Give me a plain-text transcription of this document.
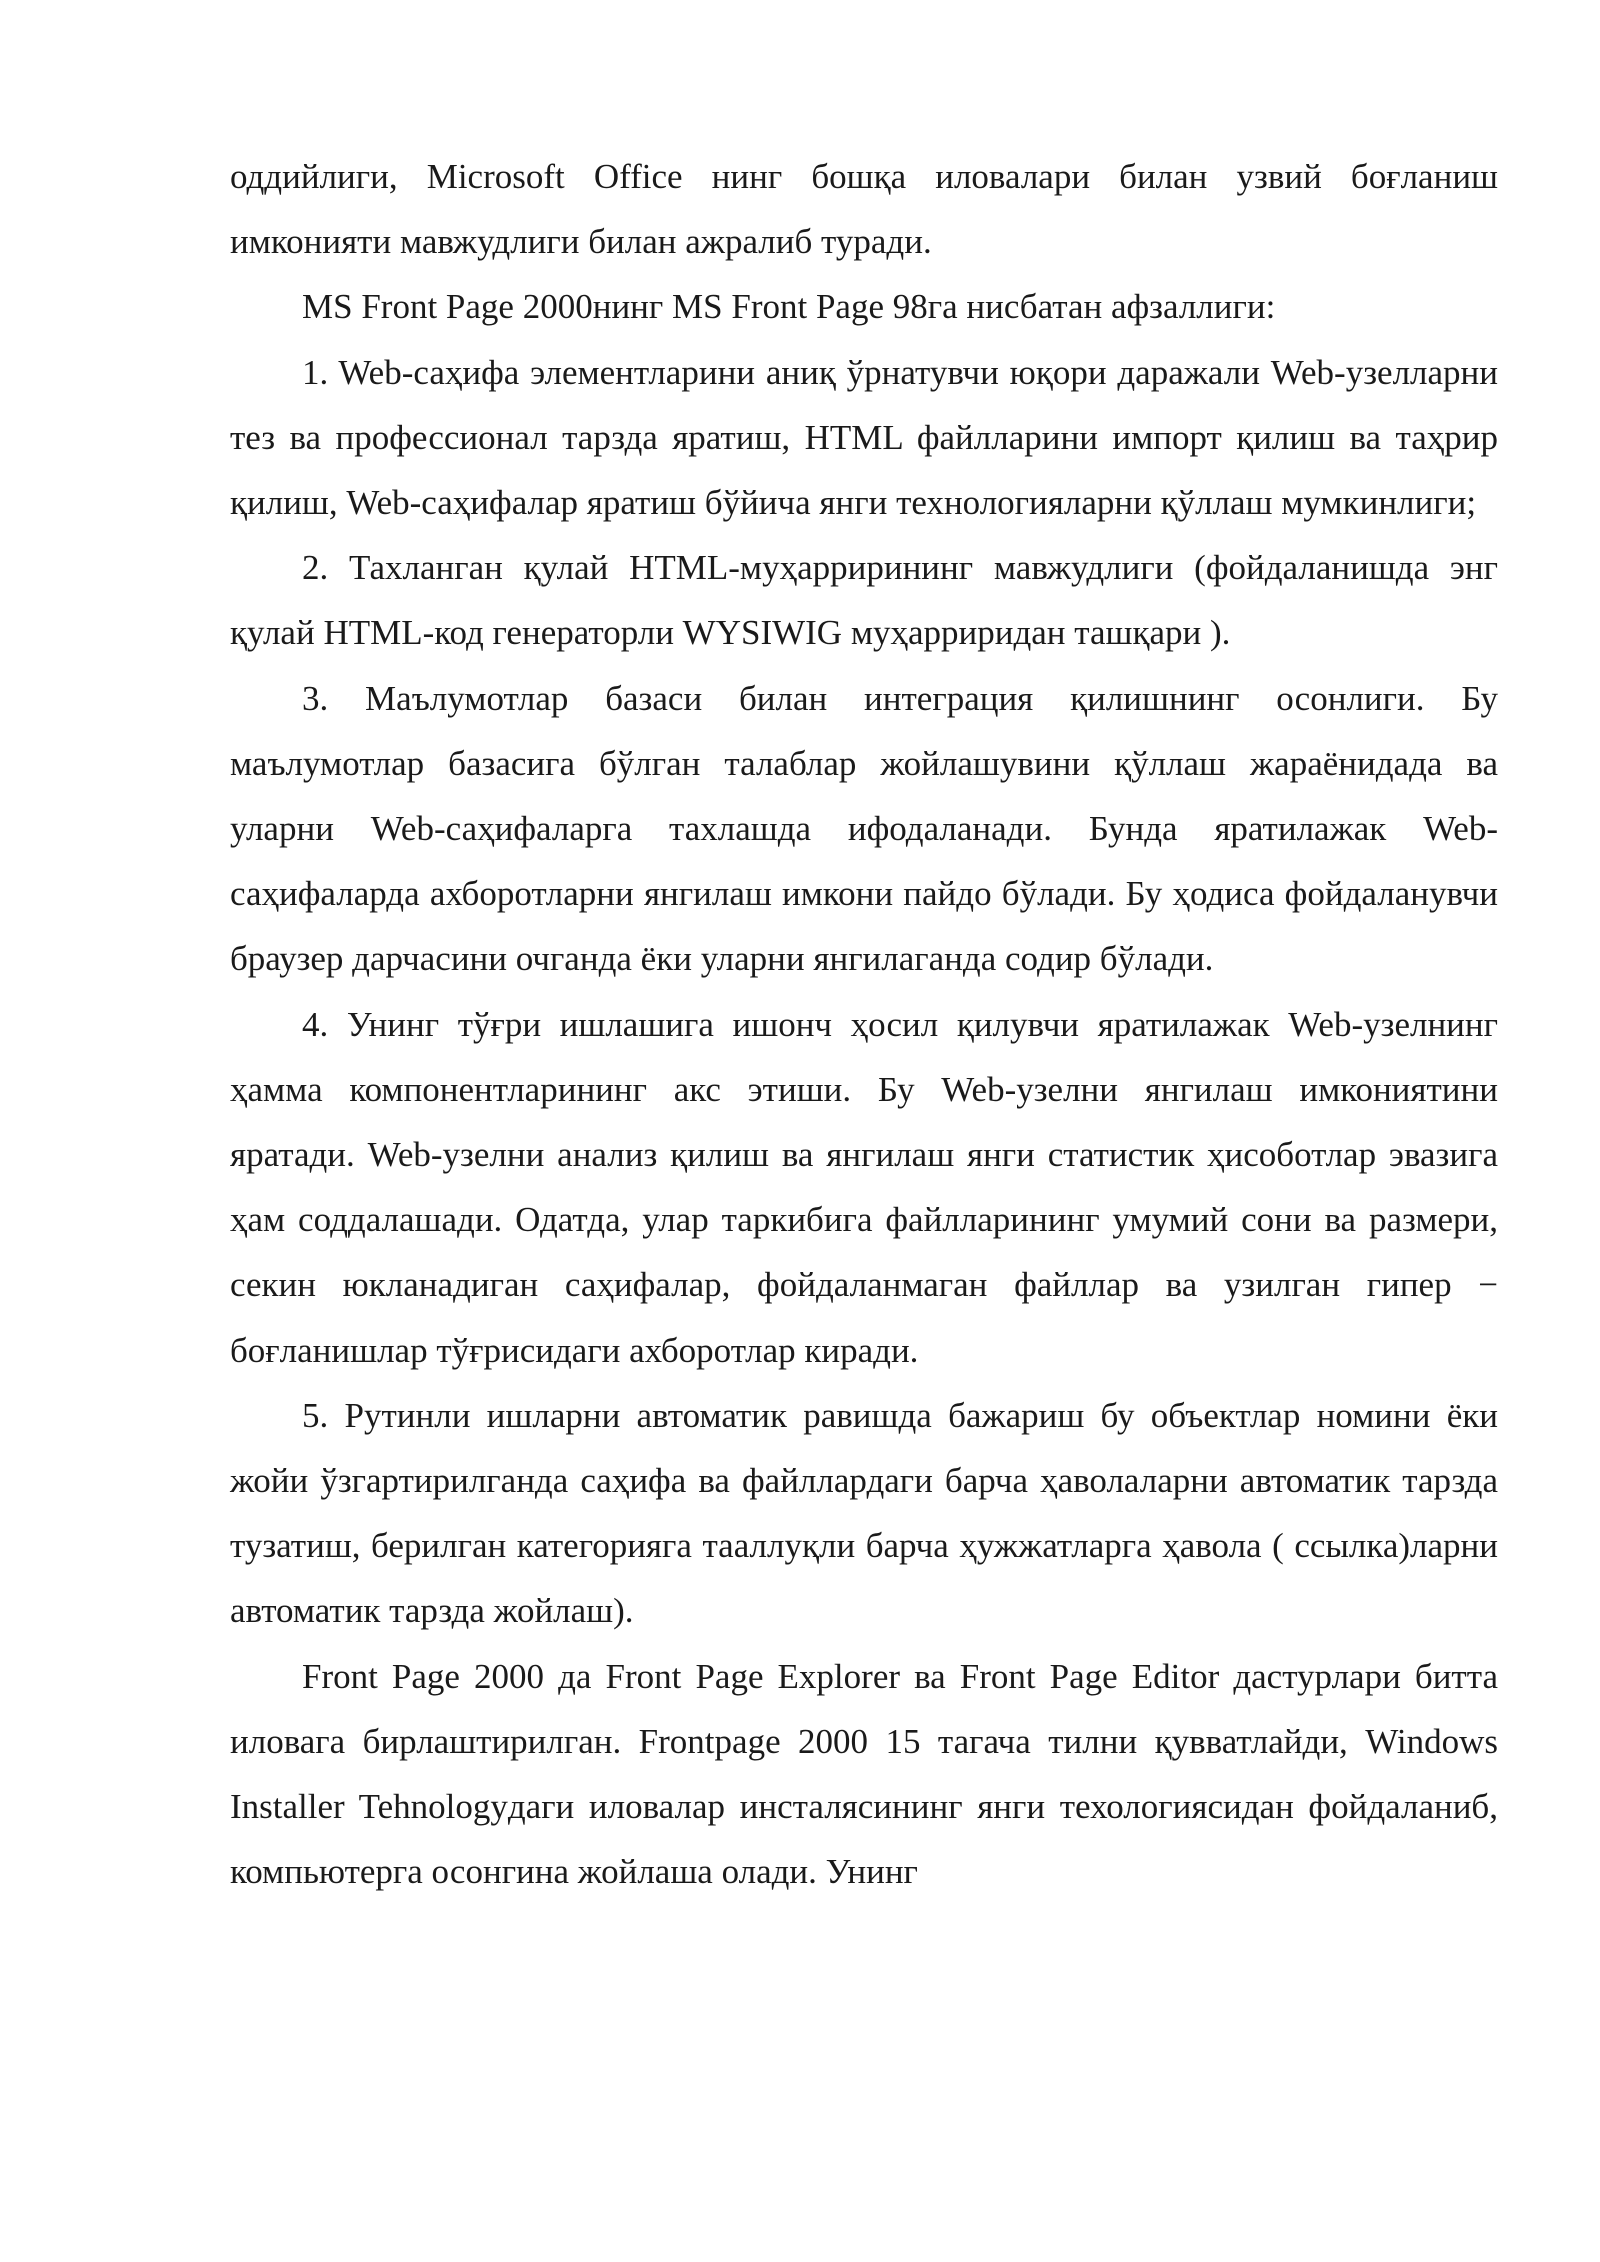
оддийлиги, Microsoft Office нинг бошқа иловалари билан узвий боғланиш имконияти мавжудлиги билан ажралиб туради.

MS Front Page 2000нинг MS Front Page 98га нисбатан афзаллиги:

1. Web-саҳифа элементларини аниқ ўрнатувчи юқори даражали Web-узелларни тез ва профессионал тарзда яратиш, HTML файлларини импорт қилиш ва таҳрир қилиш, Web-саҳифалар яратиш бўйича янги технологияларни қўллаш мумкинлиги;

2. Тахланган қулай HTML-муҳаррирининг мавжудлиги (фойдаланишда энг қулай HTML-код генераторли WYSIWIG муҳарриридан ташқари ).

3. Маълумотлар базаси билан интеграция қилишнинг осонлиги. Бу маълумотлар базасига бўлган талаблар жойлашувини қўллаш жараёнидада ва уларни Web-саҳифаларга тахлашда ифодаланади. Бунда яратилажак Web-саҳифаларда ахборотларни янгилаш имкони пайдо бўлади. Бу ҳодиса фойдаланувчи браузер дарчасини очганда ёки уларни янгилаганда содир бўлади.

4. Унинг тўғри ишлашига ишонч ҳосил қилувчи яратилажак Web-узелнинг ҳамма компонентларининг акс этиши. Бу Web-узелни янгилаш имкониятини яратади. Web-узелни анализ қилиш ва янгилаш янги статистик ҳисоботлар эвазига ҳам соддалашади. Одатда, улар таркибига файлларининг умумий сони ва размери, секин юкланадиган саҳифалар, фойдаланмаган файллар ва узилган гипер − боғланишлар тўғрисидаги ахборотлар киради.

5. Рутинли ишларни автоматик равишда бажариш бу объектлар номини ёки жойи ўзгартирилганда саҳифа ва файллардаги барча ҳаволаларни автоматик тарзда тузатиш, берилган категорияга тааллуқли барча ҳужжатларга ҳавола ( ссылка)ларни автоматик тарзда жойлаш).

Front Page 2000 да Front Page Explorer ва Front Page Editor дастурлари битта иловага бирлаштирилган. Frontpage 2000 15 тагача тилни қувватлайди, Windows Installer Tehnologyдаги иловалар инсталясининг янги техологиясидан фойдаланиб, компьютерга осонгина жойлаша олади. Унинг
